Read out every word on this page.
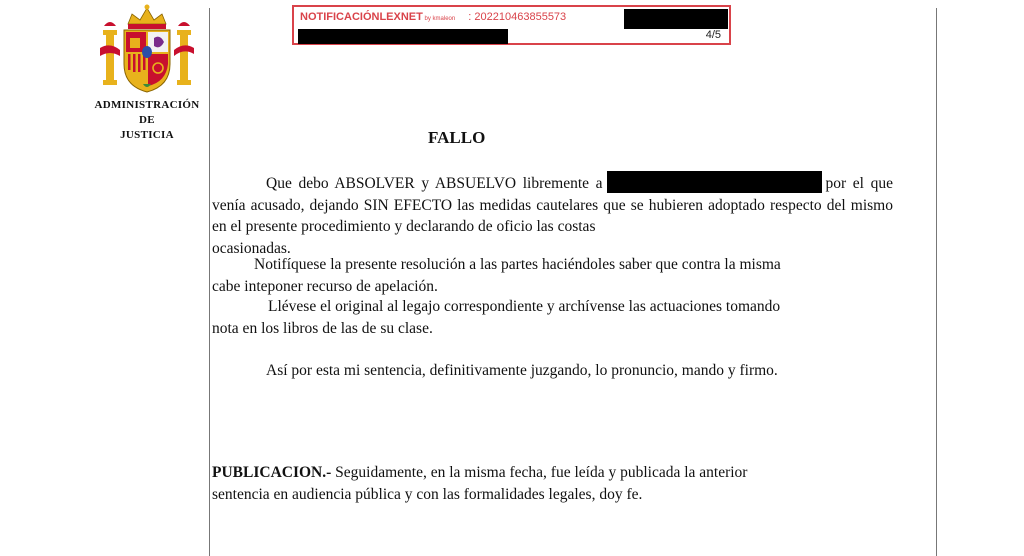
ADMINISTRACIÓN
DE
JUSTICIA
NOTIFICACIÓNLEXNET by kmaleon : 202210463855573
4/5
FALLO
Que debo ABSOLVER y ABSUELVO libremente a	por el que venía acusado, dejando SIN EFECTO las medidas cautelares que se hubieren adoptado respecto del mismo en el presente procedimiento y declarando de oficio las costas
ocasionadas.
Notifíquese la presente resolución a las partes haciéndoles saber que contra la misma
cabe inteponer recurso de apelación.
Llévese el original al legajo correspondiente y archívense las actuaciones tomando
nota en los libros de las de su clase.
Así por esta mi sentencia, definitivamente juzgando, lo pronuncio, mando y firmo.
PUBLICACION.- Seguidamente, en la misma fecha, fue leída y publicada la anterior
sentencia en audiencia pública y con las formalidades legales, doy fe.
